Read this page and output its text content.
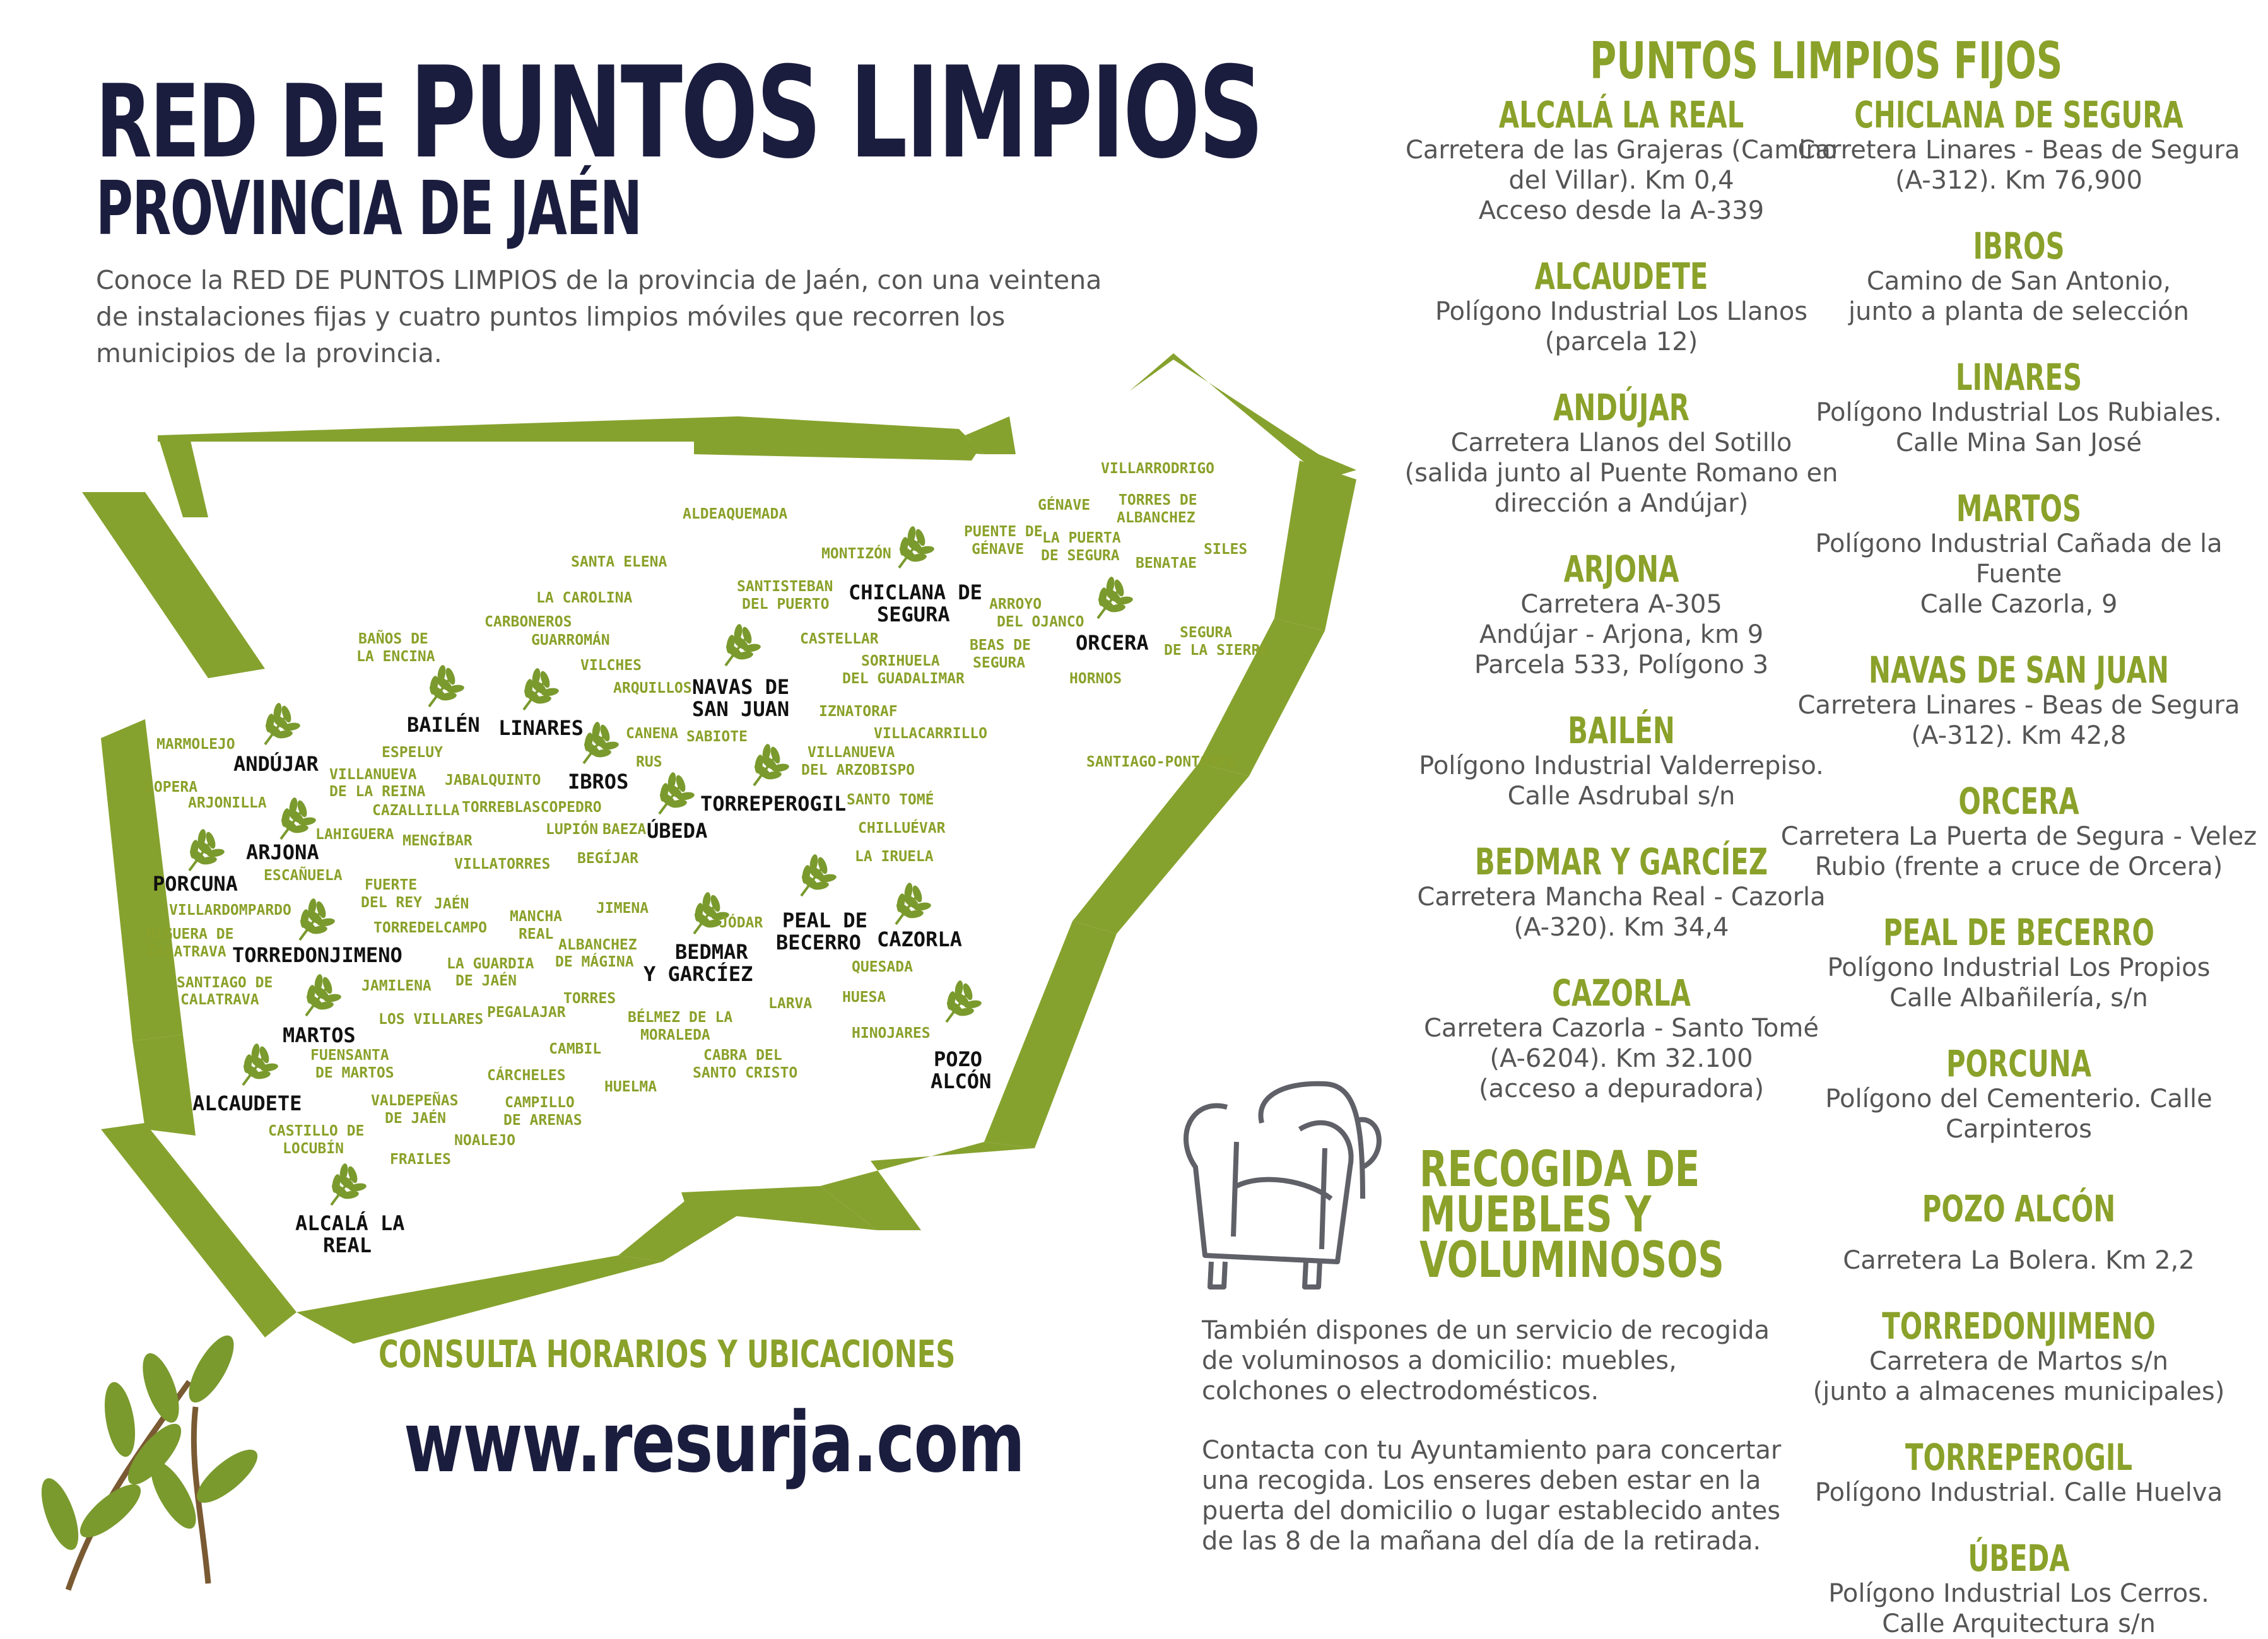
RED DE PUNTOS LIMPIOS
PROVINCIA DE JAÉN
Conoce la RED DE PUNTOS LIMPIOS de la provincia de Jaén, con una veintena de instalaciones fijas y cuatro puntos limpios móviles que recorren los municipios de la provincia.
ANDÚJAR
ARJONA
PORCUNA
TORREDONJIMENO
MARTOS
ALCAUDETE
ALCALÁ LA
REAL
BAILÉN LINARES
IBROS
ÚBEDA
NAVAS DE
SAN JUAN
TORREPEROGIL
CHICLANA DE
SEGURA
ORCERA
BEDMAR
Y GARCÍEZ
PEAL DE
BECERRO CAZORLA
POZO
ALCÓN
MARMOLEJO
LOPERA
ARJONILLA
VILLANUEVA
DE LA REINA
ESPELUY
CAZALLILLA
JABALQUINTO
TORREBLASCOPEDRO
LAHIGUERA MENGÍBAR
VILLATORRES
ESCAÑUELA
FUERTE
DEL REY
VILLARDOMPARDO
HIGUERA DE
CALATRAVA
JAÉN
TORREDELCAMPO
SANTIAGO DE
CALATRAVA
JAMILENA
LA GUARDIA
DE JAÉN
MANCHA
REAL
ALBANCHEZ
DE MÁGINA
JIMENA
LOS VILLARES PEGALAJAR
TORRES
FUENSANTA
DE MARTOS
VALDEPEÑAS
DE JAÉN
CÁRCHELES
CAMBIL
CAMPILLO
DE ARENAS
CASTILLO DE
LOCUBÍN	NOALEJO
FRAILES
HUELMA
BÉLMEZ DE LA
MORALEDA
CABRA DEL
SANTO CRISTO
LARVA HUESA
HINOJARES
QUESADA
JÓDAR
BAÑOS DE
LA ENCINA
CARBONEROS
LA CAROLINA
GUARROMÁN
SANTA ELENA
VILCHES
ARQUILLOS
ALDEAQUEMADA
SANTISTEBAN
DEL PUERTO
CASTELLAR
MONTIZÓN
CANENA
RUS
SABIOTE
LUPIÓN BAEZA
BEGÍJAR
IZNATORAF
VILLACARRILLO
VILLANUEVA
DEL ARZOBISPO
SANTO TOMÉ
CHILLUÉVAR
LA IRUELA
SORIHUELA
DEL GUADALIMAR
ARROYO
DEL OJANCO
BEAS DE
SEGURA
PUENTE DE
GÉNAVE
GÉNAVE
LA PUERTA
DE SEGURA
VILLARRODRIGO
TORRES DE
ALBANCHEZ
BENATAE
SILES
SEGURA
DE LA SIERRA
HORNOS
SANTIAGO-PONTONES
CONSULTA HORARIOS Y UBICACIONES
www.resurja.com
PUNTOS LIMPIOS FIJOS
ALCALÁ LA REAL

Carretera de las Grajeras (Camino

del Villar). Km 0,4

Acceso desde la A-339

ALCAUDETE

Polígono Industrial Los Llanos

(parcela 12)

ANDÚJAR

Carretera Llanos del Sotillo

(salida junto al Puente Romano en

dirección a Andújar)

ARJONA

Carretera A-305

Andújar - Arjona, km 9

Parcela 533, Polígono 3

BAILÉN

Polígono Industrial Valderrepiso.

Calle Asdrubal s/n

BEDMAR Y GARCÍEZ

Carretera Mancha Real - Cazorla

(A-320). Km 34,4

CAZORLA

Carretera Cazorla - Santo Tomé

(A-6204). Km 32.100

(acceso a depuradora)

CHICLANA DE SEGURA

Carretera Linares - Beas de Segura

(A-312). Km 76,900

IBROS

Camino de San Antonio,

junto a planta de selección

LINARES

Polígono Industrial Los Rubiales.

Calle Mina San José

MARTOS

Polígono Industrial Cañada de la

Fuente

Calle Cazorla, 9

NAVAS DE SAN JUAN

Carretera Linares - Beas de Segura

(A-312). Km 42,8

ORCERA

Carretera La Puerta de Segura - Velez

Rubio (frente a cruce de Orcera)

PEAL DE BECERRO

Polígono Industrial Los Propios

Calle Albañilería, s/n

PORCUNA

Polígono del Cementerio. Calle

Carpinteros

POZO ALCÓN

Carretera La Bolera. Km 2,2

TORREDONJIMENO

Carretera de Martos s/n

(junto a almacenes municipales)

TORREPEROGIL

Polígono Industrial. Calle Huelva

ÚBEDA

Polígono Industrial Los Cerros.

Calle Arquitectura s/n

RECOGIDA DE
MUEBLES Y
VOLUMINOSOS

También dispones de un servicio de recogida de voluminosos a domicilio: muebles, colchones o electrodomésticos.

Contacta con tu Ayuntamiento para concertar una recogida. Los enseres deben estar en la puerta del domicilio o lugar establecido antes de las 8 de la mañana del día de la retirada.
